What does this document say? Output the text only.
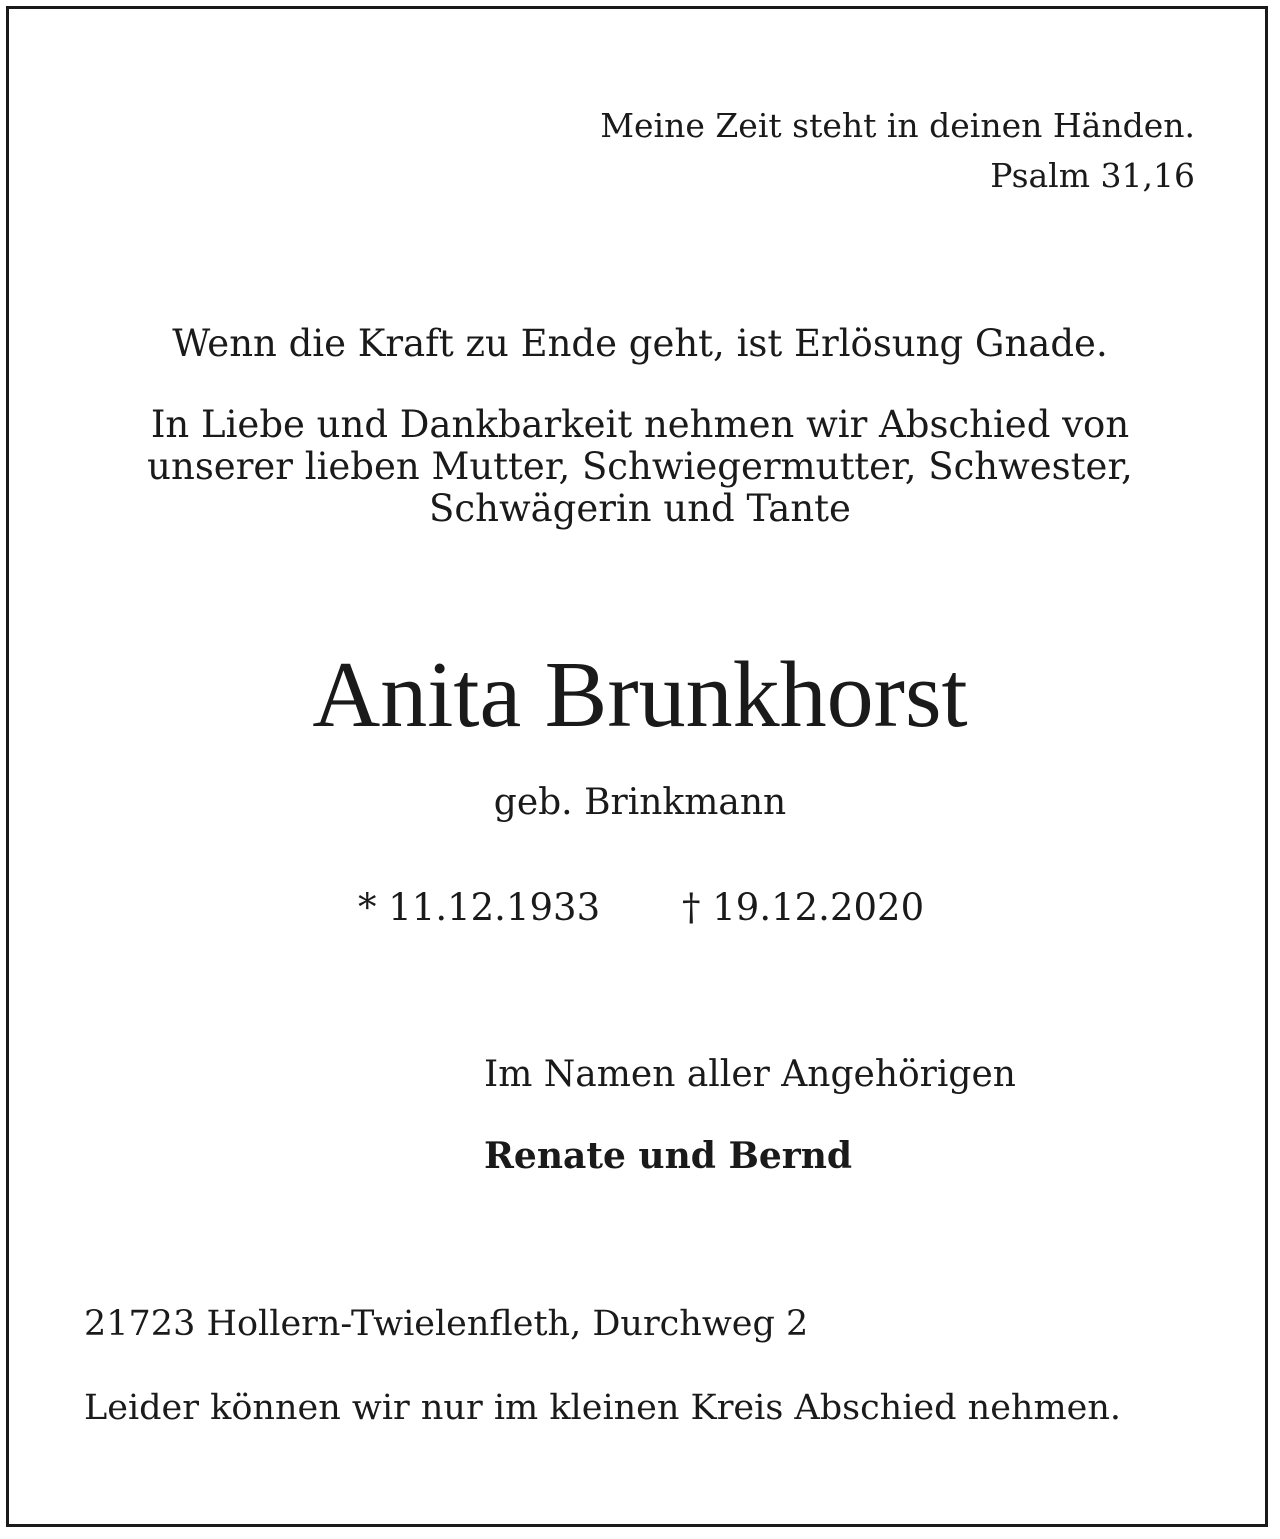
Meine Zeit steht in deinen Händen.
Psalm 31,16
Wenn die Kraft zu Ende geht, ist Erlösung Gnade.
In Liebe und Dankbarkeit nehmen wir Abschied von
unserer lieben Mutter, Schwiegermutter, Schwester,
Schwägerin und Tante
Anita Brunkhorst
geb. Brinkmann
* 11.12.1933 † 19.12.2020
Im Namen aller Angehörigen
Renate und Bernd
21723 Hollern-Twielenfleth, Durchweg 2
Leider können wir nur im kleinen Kreis Abschied nehmen.
